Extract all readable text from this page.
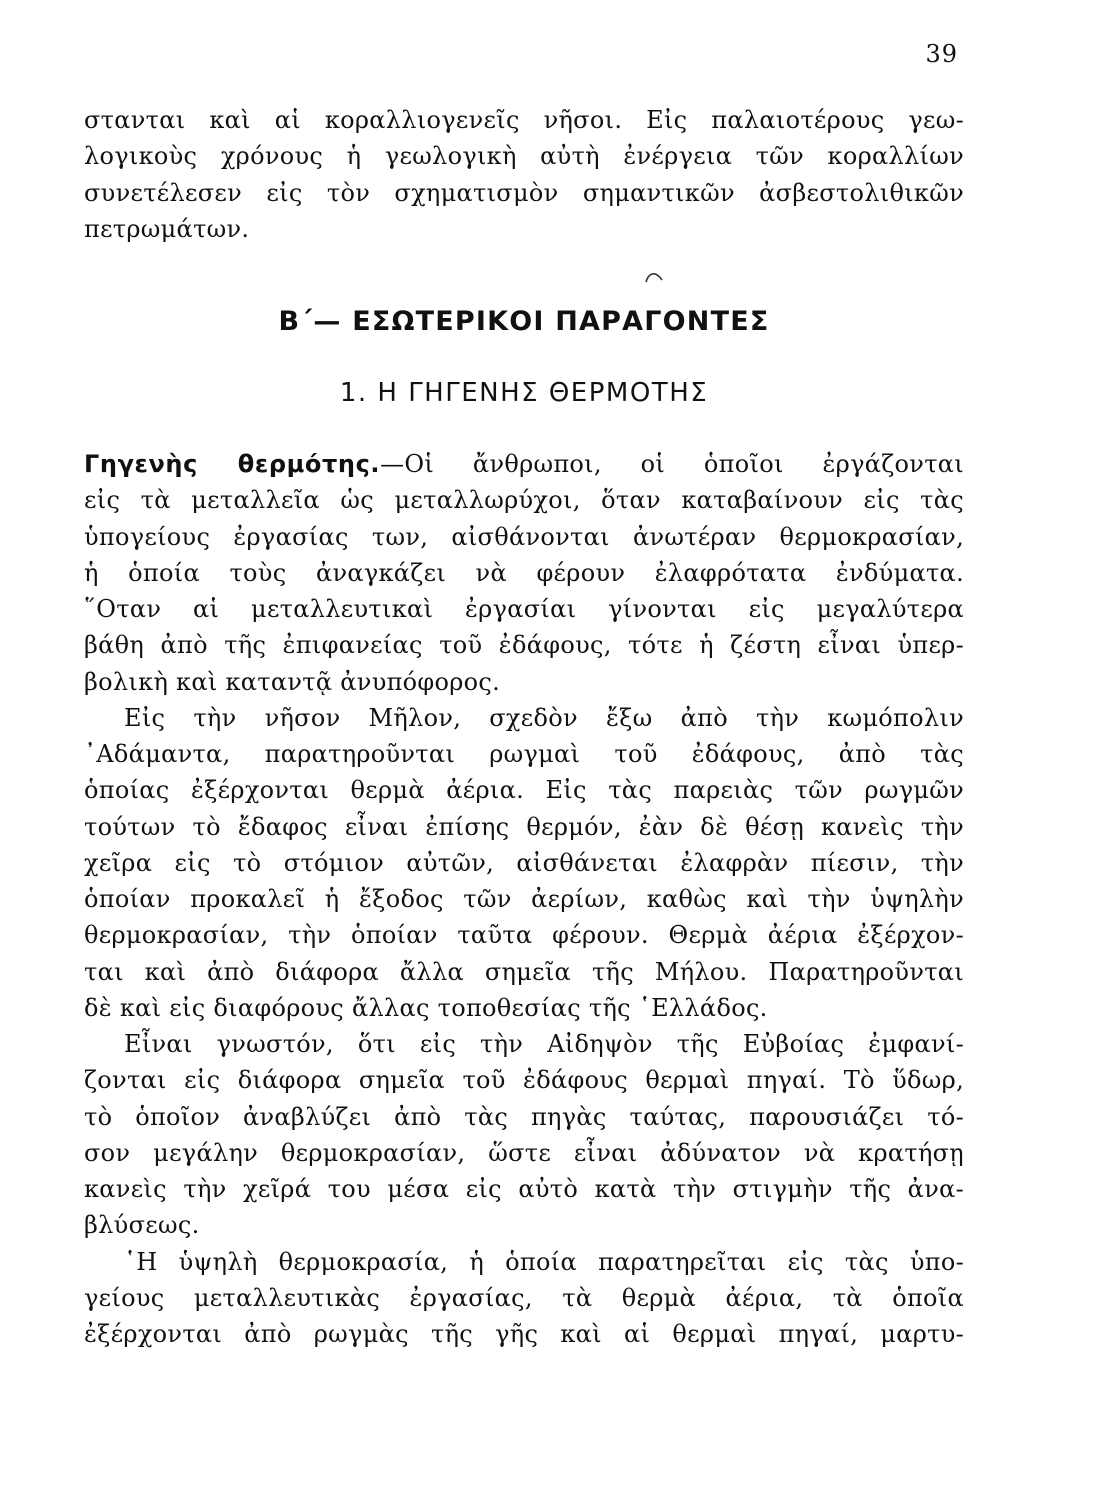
39
στανται καὶ αἱ κοραλλιογενεῖς νῆσοι. Εἰς παλαιοτέρους γεω-
λογικοὺς χρόνους ἡ γεωλογικὴ αὐτὴ ἐνέργεια τῶν κοραλλίων
συνετέλεσεν εἰς τὸν σχηματισμὸν σημαντικῶν ἀσβεστολιθικῶν
πετρωμάτων.
Β΄— ΕΣΩΤΕΡΙΚΟΙ ΠΑΡΑΓΟΝΤΕΣ
1. Η ΓΗΓΕΝΗΣ ΘΕΡΜΟΤΗΣ
Γηγενὴς θερμότης.—Οἱ ἄνθρωποι, οἱ ὁποῖοι ἐργάζονται
εἰς τὰ μεταλλεῖα ὡς μεταλλωρύχοι, ὅταν καταβαίνουν εἰς τὰς
ὑπογείους ἐργασίας των, αἰσθάνονται ἀνωτέραν θερμοκρασίαν,
ἡ ὁποία τοὺς ἀναγκάζει νὰ φέρουν ἐλαφρότατα ἐνδύματα.
῞Οταν αἱ μεταλλευτικαὶ ἐργασίαι γίνονται εἰς μεγαλύτερα
βάθη ἀπὸ τῆς ἐπιφανείας τοῦ ἐδάφους, τότε ἡ ζέστη εἶναι ὑπερ-
βολικὴ καὶ καταντᾷ ἀνυπόφορος.
Εἰς τὴν νῆσον Μῆλον, σχεδὸν ἔξω ἀπὸ τὴν κωμόπολιν
᾿Αδάμαντα, παρατηροῦνται ρωγμαὶ τοῦ ἐδάφους, ἀπὸ τὰς
ὁποίας ἐξέρχονται θερμὰ ἀέρια. Εἰς τὰς παρειὰς τῶν ρωγμῶν
τούτων τὸ ἔδαφος εἶναι ἐπίσης θερμόν, ἐὰν δὲ θέσῃ κανεὶς τὴν
χεῖρα εἰς τὸ στόμιον αὐτῶν, αἰσθάνεται ἐλαφρὰν πίεσιν, τὴν
ὁποίαν προκαλεῖ ἡ ἔξοδος τῶν ἀερίων, καθὼς καὶ τὴν ὑψηλὴν
θερμοκρασίαν, τὴν ὁποίαν ταῦτα φέρουν. Θερμὰ ἀέρια ἐξέρχον-
ται καὶ ἀπὸ διάφορα ἄλλα σημεῖα τῆς Μήλου. Παρατηροῦνται
δὲ καὶ εἰς διαφόρους ἄλλας τοποθεσίας τῆς ῾Ελλάδος.
Εἶναι γνωστόν, ὅτι εἰς τὴν Αἰδηψὸν τῆς Εὐβοίας ἐμφανί-
ζονται εἰς διάφορα σημεῖα τοῦ ἐδάφους θερμαὶ πηγαί. Τὸ ὕδωρ,
τὸ ὁποῖον ἀναβλύζει ἀπὸ τὰς πηγὰς ταύτας, παρουσιάζει τό-
σον μεγάλην θερμοκρασίαν, ὥστε εἶναι ἀδύνατον νὰ κρατήσῃ
κανεὶς τὴν χεῖρά του μέσα εἰς αὐτὸ κατὰ τὴν στιγμὴν τῆς ἀνα-
βλύσεως.
῾Η ὑψηλὴ θερμοκρασία, ἡ ὁποία παρατηρεῖται εἰς τὰς ὑπο-
γείους μεταλλευτικὰς ἐργασίας, τὰ θερμὰ ἀέρια, τὰ ὁποῖα
ἐξέρχονται ἀπὸ ρωγμὰς τῆς γῆς καὶ αἱ θερμαὶ πηγαί, μαρτυ-
